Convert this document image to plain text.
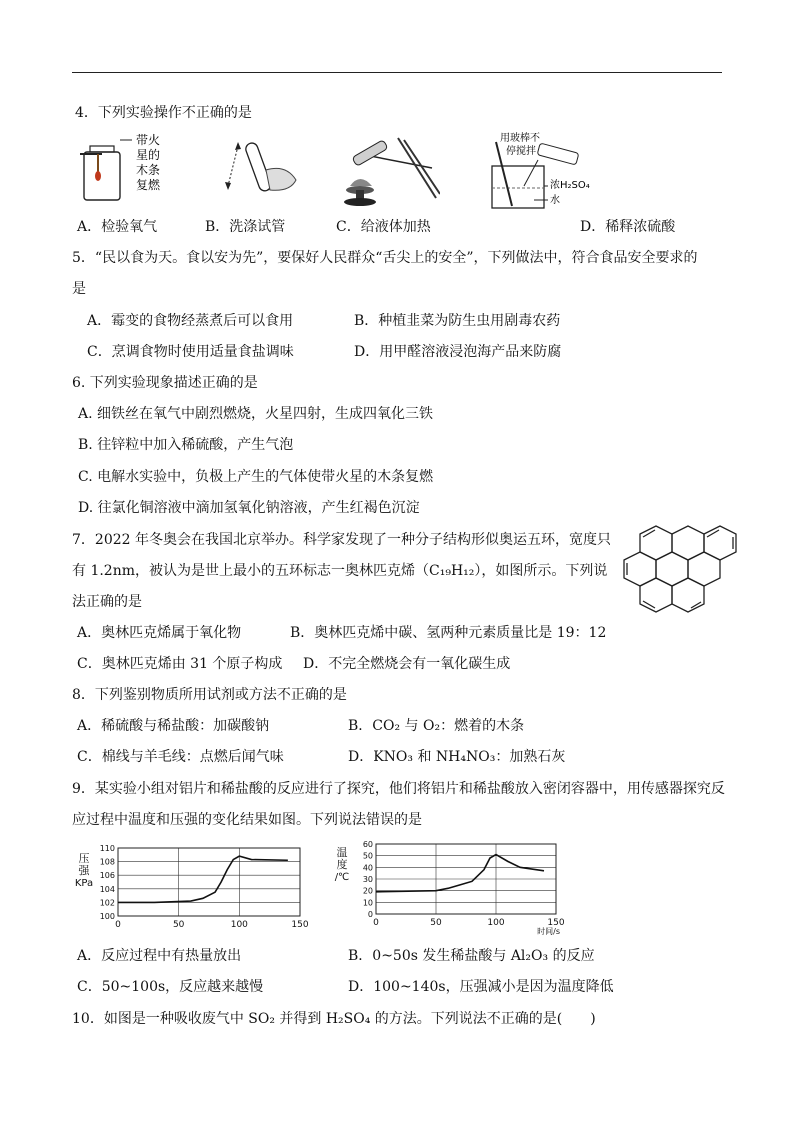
4．下列实验操作不正确的是
带火
星的
木条
复燃
用玻棒不
停搅拌
浓H₂SO₄
水
A．检验氧气	B．洗涤试管	C．给液体加热	D．稀释浓硫酸
5．“民以食为天。食以安为先”，要保好人民群众“舌尖上的安全”，下列做法中，符合食品安全要求的
是
A．霉变的食物经蒸煮后可以食用	B．种植韭菜为防生虫用剧毒农药
C．烹调食物时使用适量食盐调味	D．用甲醛溶液浸泡海产品来防腐
6. 下列实验现象描述正确的是
A. 细铁丝在氧气中剧烈燃烧，火星四射，生成四氧化三铁
B. 往锌粒中加入稀硫酸，产生气泡
C. 电解水实验中，负极上产生的气体使带火星的木条复燃
D. 往氯化铜溶液中滴加氢氧化钠溶液，产生红褐色沉淀
7．2022 年冬奥会在我国北京举办。科学家发现了一种分子结构形似奥运五环，宽度只
有 1.2nm，被认为是世上最小的五环标志一奥林匹克烯（C₁₉H₁₂），如图所示。下列说
法正确的是
A．奥林匹克烯属于氧化物	B．奥林匹克烯中碳、氢两种元素质量比是 19：12
C．奥林匹克烯由 31 个原子构成 D．不完全燃烧会有一氧化碳生成
8．下列鉴别物质所用试剂或方法不正确的是
A．稀硫酸与稀盐酸：加碳酸钠	B．CO₂ 与 O₂：燃着的木条
C．棉线与羊毛线：点燃后闻气味	D．KNO₃ 和 NH₄NO₃：加熟石灰
9．某实验小组对铝片和稀盐酸的反应进行了探究，他们将铝片和稀盐酸放入密闭容器中，用传感器探究反
应过程中温度和压强的变化结果如图。下列说法错误的是
100
102
104
106
108
110
0	50	100	150
压
强
KPa
0
10
20
30
40
50
60
0	50	100	150
温
度
/℃
时间/s
A．反应过程中有热量放出	B．0~50s 发生稀盐酸与 Al₂O₃ 的反应
C．50~100s，反应越来越慢	D．100~140s，压强减小是因为温度降低
10．如图是一种吸收废气中 SO₂ 并得到 H₂SO₄ 的方法。下列说法不正确的是(　　)
